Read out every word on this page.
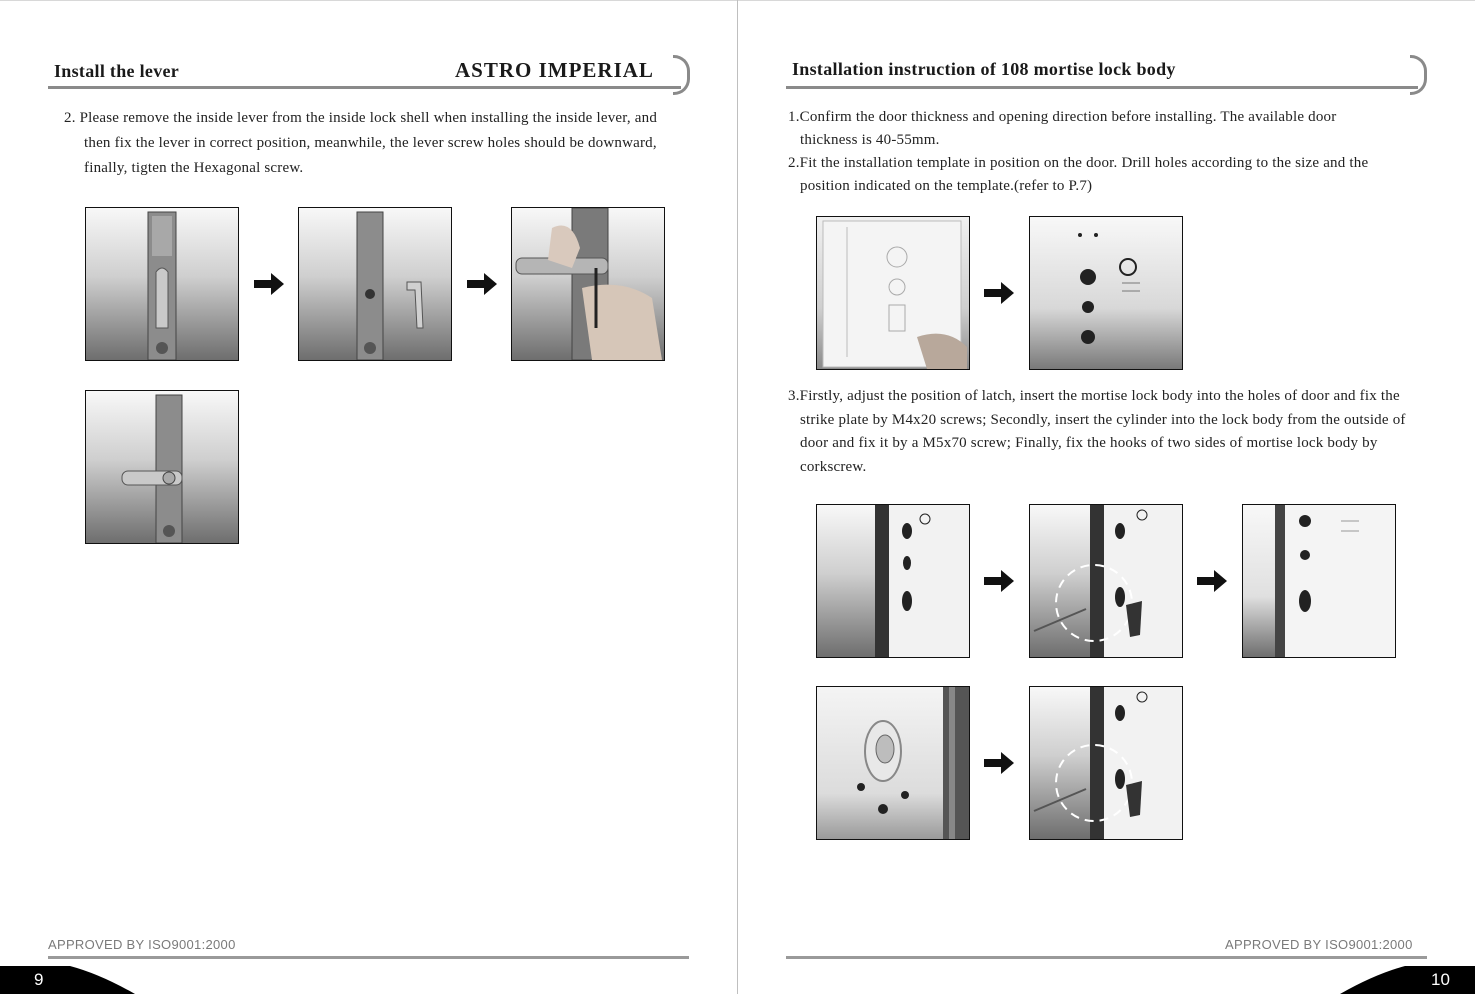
Install the lever	ASTRO IMPERIAL

2. Please remove the inside lever from the inside lock shell when installing the inside lever, and then fix the lever in correct position, meanwhile, the lever screw holes should be downward, finally, tigten the Hexagonal screw.

APPROVED BY ISO9001:2000
9
Installation instruction of 108 mortise lock body

1.Confirm the door thickness and opening direction before installing. The available door thickness is 40-55mm.

2.Fit the installation template in position on the door. Drill holes according to the size and the position indicated on the template.(refer to P.7)

3.Firstly, adjust the position of latch, insert the mortise lock body into the holes of door and fix the strike plate by M4x20 screws; Secondly, insert the cylinder into the lock body from the outside of door and fix it by a M5x70 screw; Finally, fix the hooks of two sides of mortise lock body by corkscrew.

APPROVED BY ISO9001:2000
10
